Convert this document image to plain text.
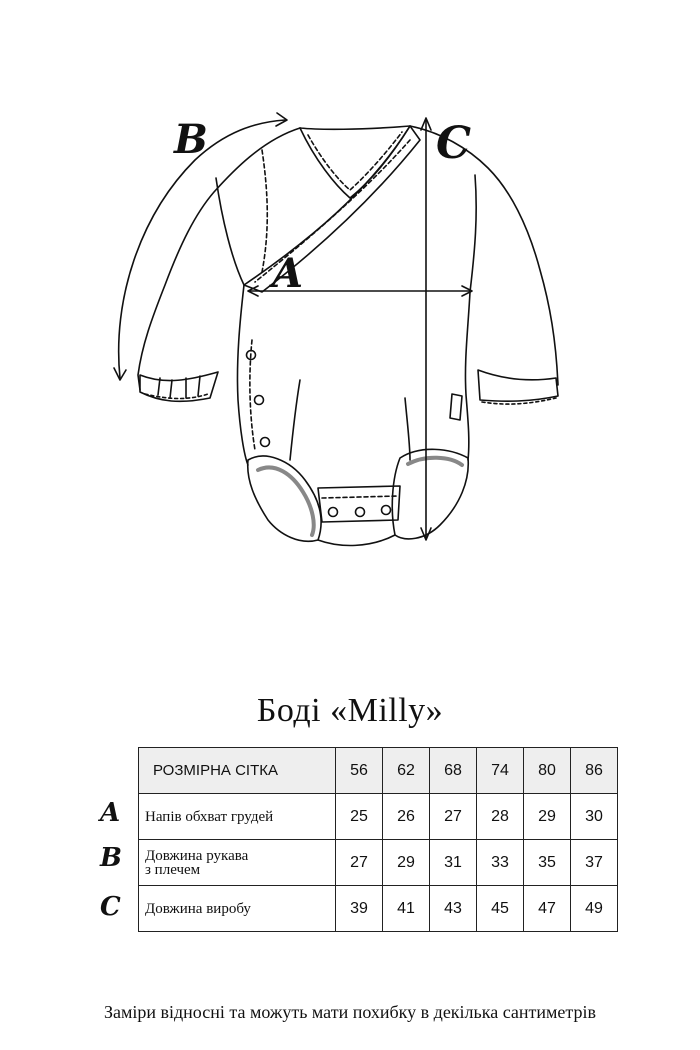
B	C
A
Боді «Milly»
РОЗМІРНА СІТКА	56	62	68	74	80	86
Напів обхват грудей	25	26	27	28	29	30

Довжина рукава
з плечем	27	29	31	33	35	37
Довжина виробу	39	41	43	45	47	49
A
B
C
Заміри відносні та можуть мати похибку в декілька сантиметрів
